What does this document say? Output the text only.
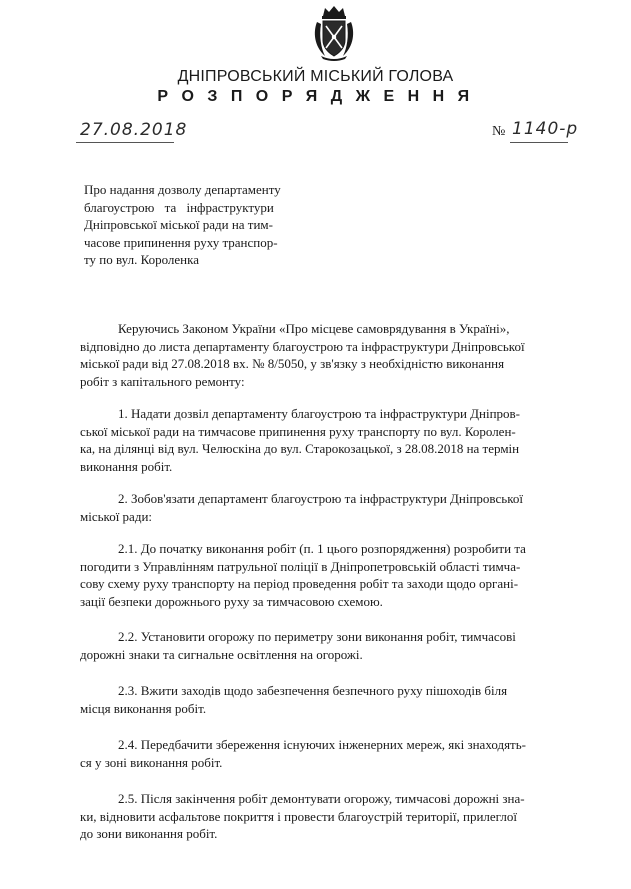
ДНІПРОВСЬКИЙ МІСЬКИЙ ГОЛОВА
Р О З П О Р Я Д Ж Е Н Н Я
27.08.2018	№ 1140-р
Про надання дозволу департаменту
благоустрою та інфраструктури
Дніпровської міської ради на тим-
часове припинення руху транспор-
ту по вул. Короленка
Керуючись Законом України «Про місцеве самоврядування в Україні»,
відповідно до листа департаменту благоустрою та інфраструктури Дніпровської
міської ради від 27.08.2018 вх. № 8/5050, у зв'язку з необхідністю виконання
робіт з капітального ремонту:
1. Надати дозвіл департаменту благоустрою та інфраструктури Дніпров-
ської міської ради на тимчасове припинення руху транспорту по вул. Королен-
ка, на ділянці від вул. Челюскіна до вул. Старокозацької, з 28.08.2018 на термін
виконання робіт.
2. Зобов'язати департамент благоустрою та інфраструктури Дніпровської
міської ради:
2.1. До початку виконання робіт (п. 1 цього розпорядження) розробити та
погодити з Управлінням патрульної поліції в Дніпропетровській області тимча-
сову схему руху транспорту на період проведення робіт та заходи щодо органі-
зації безпеки дорожнього руху за тимчасовою схемою.
2.2. Установити огорожу по периметру зони виконання робіт, тимчасові
дорожні знаки та сигнальне освітлення на огорожі.
2.3. Вжити заходів щодо забезпечення безпечного руху пішоходів біля
місця виконання робіт.
2.4. Передбачити збереження існуючих інженерних мереж, які знаходять-
ся у зоні виконання робіт.
2.5. Після закінчення робіт демонтувати огорожу, тимчасові дорожні зна-
ки, відновити асфальтове покриття і провести благоустрій території, прилеглої
до зони виконання робіт.
